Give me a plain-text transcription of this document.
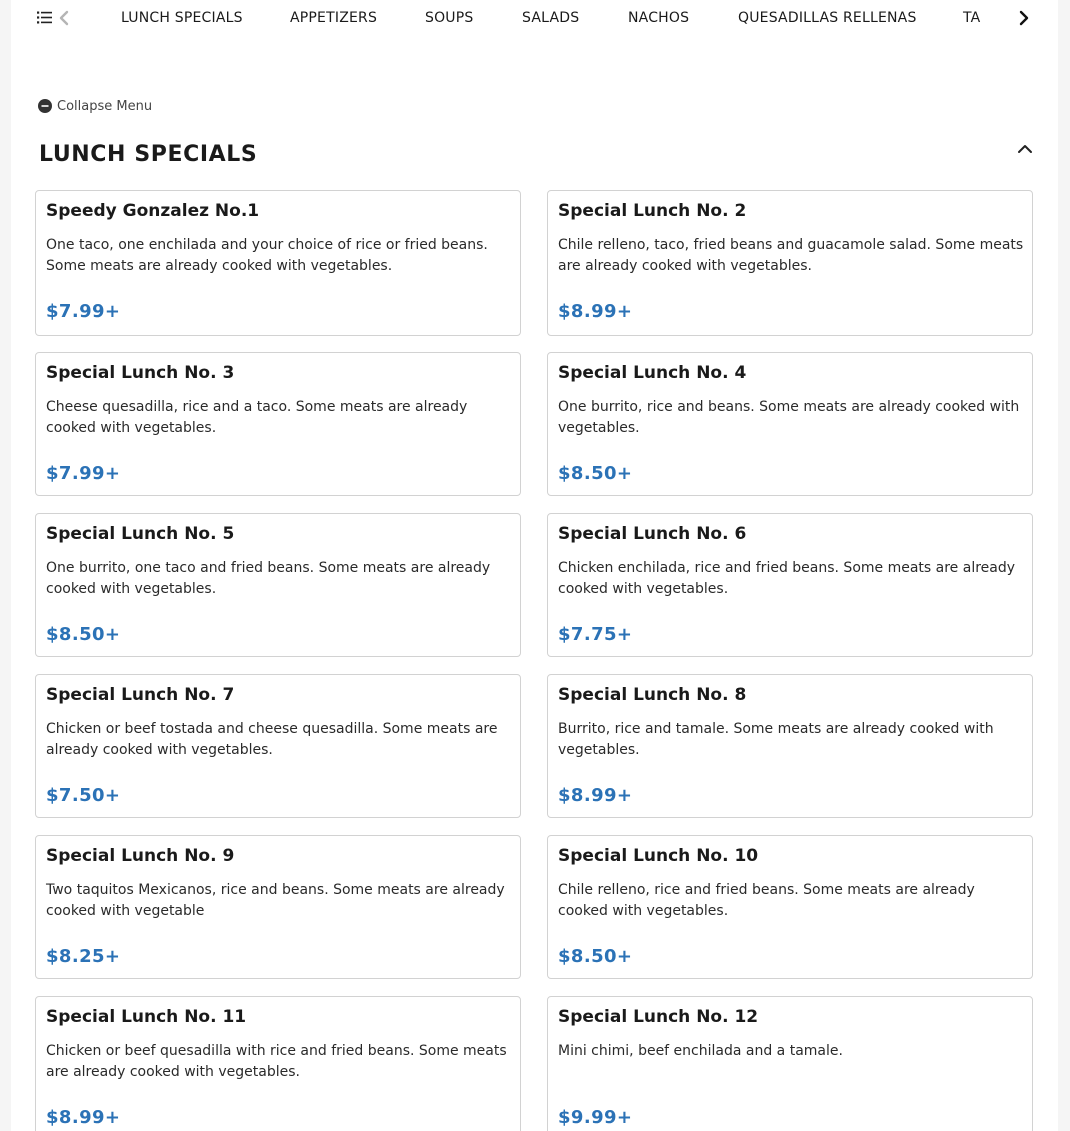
LUNCH SPECIALS	APPETIZERS	SOUPS	SALADS	NACHOS	QUESADILLAS RELLENAS	TA
Collapse Menu
LUNCH SPECIALS
Speedy Gonzalez No.1
One taco, one enchilada and your choice of rice or fried beans. Some meats are already cooked with vegetables.
$7.99+
Special Lunch No. 2
Chile relleno, taco, fried beans and guacamole salad. Some meats are already cooked with vegetables.
$8.99+
Special Lunch No. 3
Cheese quesadilla, rice and a taco. Some meats are already cooked with vegetables.
$7.99+
Special Lunch No. 4
One burrito, rice and beans. Some meats are already cooked with vegetables.
$8.50+
Special Lunch No. 5
One burrito, one taco and fried beans. Some meats are already cooked with vegetables.
$8.50+
Special Lunch No. 6
Chicken enchilada, rice and fried beans. Some meats are already cooked with vegetables.
$7.75+
Special Lunch No. 7
Chicken or beef tostada and cheese quesadilla. Some meats are already cooked with vegetables.
$7.50+
Special Lunch No. 8
Burrito, rice and tamale. Some meats are already cooked with vegetables.
$8.99+
Special Lunch No. 9
Two taquitos Mexicanos, rice and beans. Some meats are already cooked with vegetable
$8.25+
Special Lunch No. 10
Chile relleno, rice and fried beans. Some meats are already cooked with vegetables.
$8.50+
Special Lunch No. 11
Chicken or beef quesadilla with rice and fried beans. Some meats are already cooked with vegetables.
$8.99+
Special Lunch No. 12
Mini chimi, beef enchilada and a tamale.
$9.99+
